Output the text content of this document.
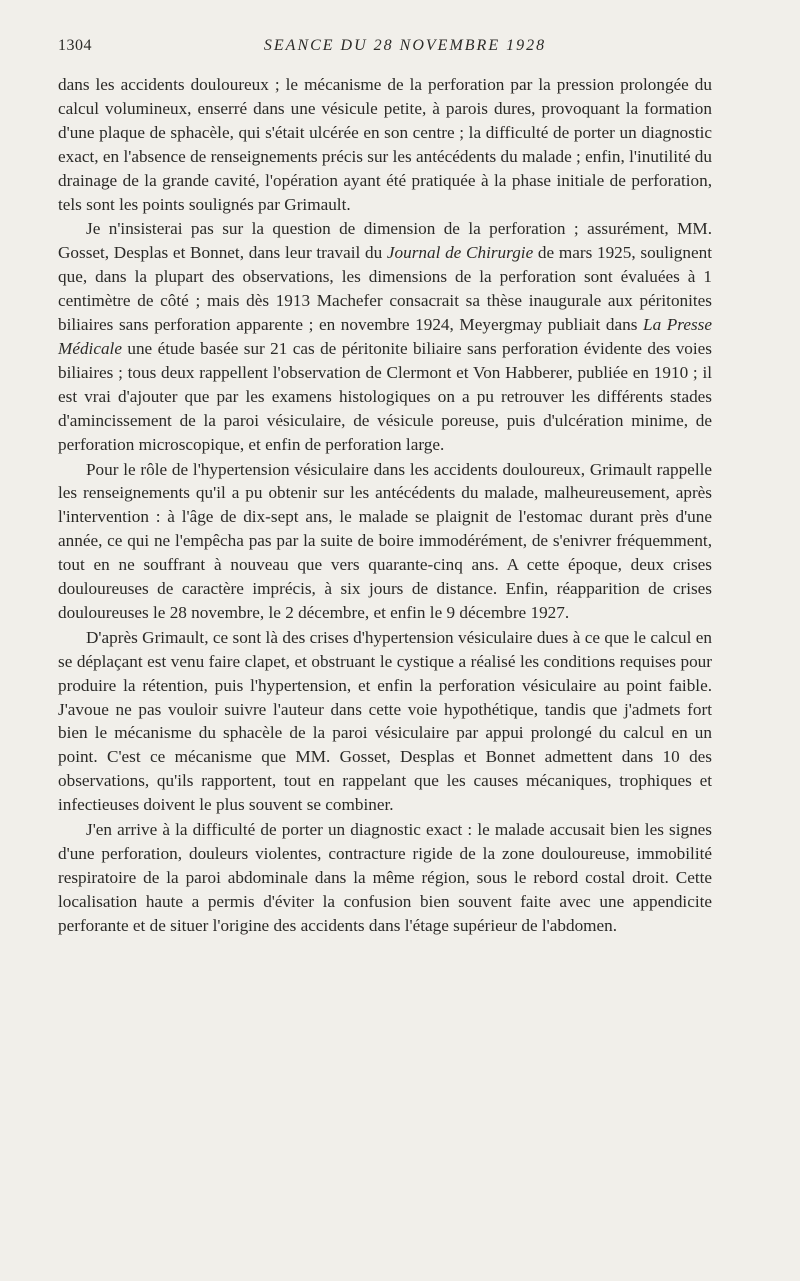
1304	SEANCE DU 28 NOVEMBRE 1928

dans les accidents douloureux ; le mécanisme de la perforation par la pression prolongée du calcul volumineux, enserré dans une vésicule petite, à parois dures, provoquant la formation d'une plaque de sphacèle, qui s'était ulcérée en son centre ; la difficulté de porter un diagnostic exact, en l'absence de renseignements précis sur les antécédents du malade ; enfin, l'inutilité du drainage de la grande cavité, l'opération ayant été pratiquée à la phase initiale de perforation, tels sont les points soulignés par Grimault.

Je n'insisterai pas sur la question de dimension de la perforation ; assurément, MM. Gosset, Desplas et Bonnet, dans leur travail du Journal de Chirurgie de mars 1925, soulignent que, dans la plupart des observations, les dimensions de la perforation sont évaluées à 1 centimètre de côté ; mais dès 1913 Machefer consacrait sa thèse inaugurale aux péritonites biliaires sans perforation apparente ; en novembre 1924, Meyergmay publiait dans La Presse Médicale une étude basée sur 21 cas de péritonite biliaire sans perforation évidente des voies biliaires ; tous deux rappellent l'observation de Clermont et Von Habberer, publiée en 1910 ; il est vrai d'ajouter que par les examens histologiques on a pu retrouver les différents stades d'amincissement de la paroi vésiculaire, de vésicule poreuse, puis d'ulcération minime, de perforation microscopique, et enfin de perforation large.

Pour le rôle de l'hypertension vésiculaire dans les accidents douloureux, Grimault rappelle les renseignements qu'il a pu obtenir sur les antécédents du malade, malheureusement, après l'intervention : à l'âge de dix-sept ans, le malade se plaignit de l'estomac durant près d'une année, ce qui ne l'empêcha pas par la suite de boire immodérément, de s'enivrer fréquemment, tout en ne souffrant à nouveau que vers quarante-cinq ans. A cette époque, deux crises douloureuses de caractère imprécis, à six jours de distance. Enfin, réapparition de crises douloureuses le 28 novembre, le 2 décembre, et enfin le 9 décembre 1927.

D'après Grimault, ce sont là des crises d'hypertension vésiculaire dues à ce que le calcul en se déplaçant est venu faire clapet, et obstruant le cystique a réalisé les conditions requises pour produire la rétention, puis l'hypertension, et enfin la perforation vésiculaire au point faible. J'avoue ne pas vouloir suivre l'auteur dans cette voie hypothétique, tandis que j'admets fort bien le mécanisme du sphacèle de la paroi vésiculaire par appui prolongé du calcul en un point. C'est ce mécanisme que MM. Gosset, Desplas et Bonnet admettent dans 10 des observations, qu'ils rapportent, tout en rappelant que les causes mécaniques, trophiques et infectieuses doivent le plus souvent se combiner.

J'en arrive à la difficulté de porter un diagnostic exact : le malade accusait bien les signes d'une perforation, douleurs violentes, contracture rigide de la zone douloureuse, immobilité respiratoire de la paroi abdominale dans la même région, sous le rebord costal droit. Cette localisation haute a permis d'éviter la confusion bien souvent faite avec une appendicite perforante et de situer l'origine des accidents dans l'étage supérieur de l'abdomen.
